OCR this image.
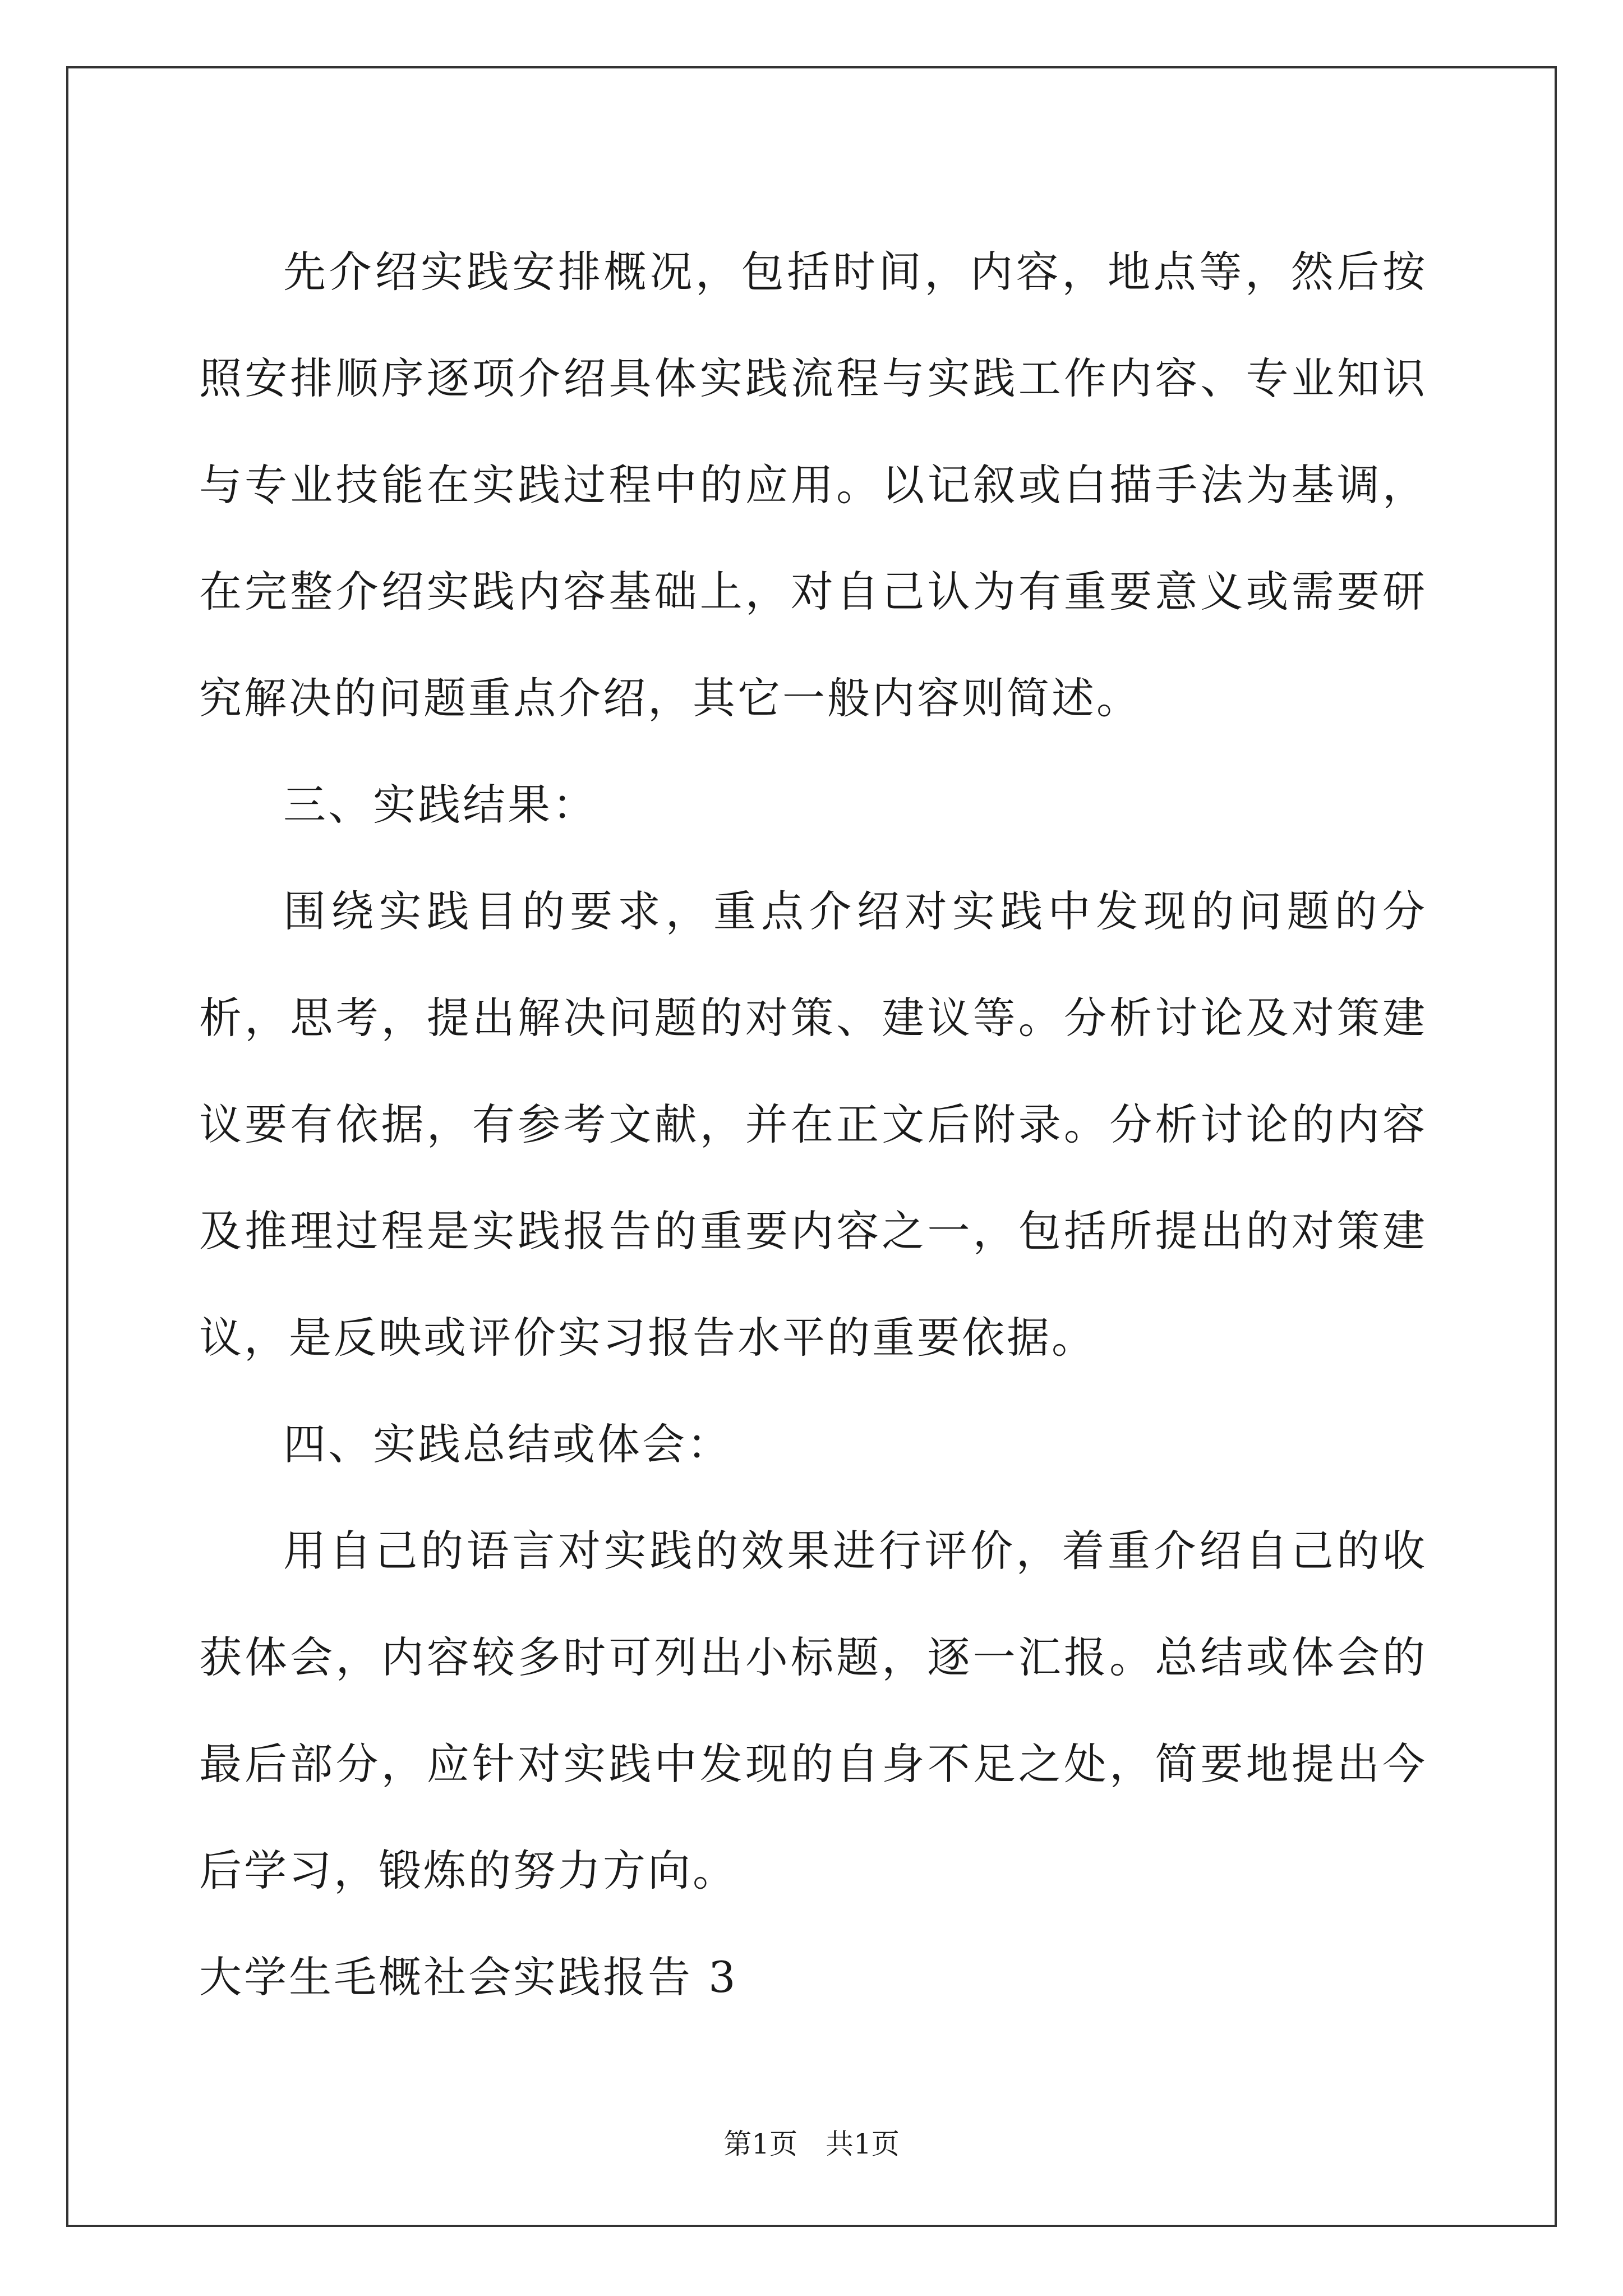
先介绍实践安排概况，包括时间，内容，地点等，然后按照安排顺序逐项介绍具体实践流程与实践工作内容、专业知识与专业技能在实践过程中的应用。以记叙或白描手法为基调，在完整介绍实践内容基础上，对自己认为有重要意义或需要研究解决的问题重点介绍，其它一般内容则简述。

三、实践结果：

围绕实践目的要求，重点介绍对实践中发现的问题的分析，思考，提出解决问题的对策、建议等。分析讨论及对策建议要有依据，有参考文献，并在正文后附录。分析讨论的内容及推理过程是实践报告的重要内容之一，包括所提出的对策建议，是反映或评价实习报告水平的重要依据。

四、实践总结或体会：

用自己的语言对实践的效果进行评价，着重介绍自己的收获体会，内容较多时可列出小标题，逐一汇报。总结或体会的最后部分，应针对实践中发现的自身不足之处，简要地提出今后学习，锻炼的努力方向。

大学生毛概社会实践报告 3

第1页 共1页
